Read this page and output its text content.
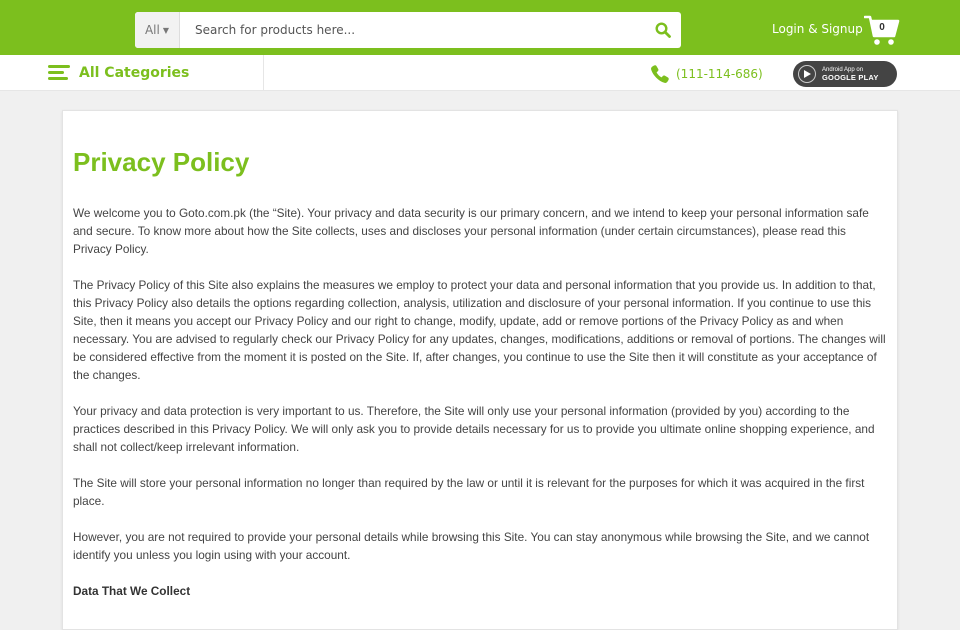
All ▼
Search for products here...	Login & Signup	0
All Categories	(111-114-686)	Android App on
GOOGLE PLAY
Privacy Policy

We welcome you to Goto.com.pk (the “Site). Your privacy and data security is our primary concern, and we intend to keep your personal information safe and secure. To know more about how the Site collects, uses and discloses your personal information (under certain circumstances), please read this Privacy Policy.

The Privacy Policy of this Site also explains the measures we employ to protect your data and personal information that you provide us. In addition to that, this Privacy Policy also details the options regarding collection, analysis, utilization and disclosure of your personal information. If you continue to use this Site, then it means you accept our Privacy Policy and our right to change, modify, update, add or remove portions of the Privacy Policy as and when necessary. You are advised to regularly check our Privacy Policy for any updates, changes, modifications, additions or removal of portions. The changes will be considered effective from the moment it is posted on the Site. If, after changes, you continue to use the Site then it will constitute as your acceptance of the changes.

Your privacy and data protection is very important to us. Therefore, the Site will only use your personal information (provided by you) according to the practices described in this Privacy Policy. We will only ask you to provide details necessary for us to provide you ultimate online shopping experience, and shall not collect/keep irrelevant information.

The Site will store your personal information no longer than required by the law or until it is relevant for the purposes for which it was acquired in the first place.

However, you are not required to provide your personal details while browsing this Site. You can stay anonymous while browsing the Site, and we cannot identify you unless you login using with your account.

Data That We Collect
